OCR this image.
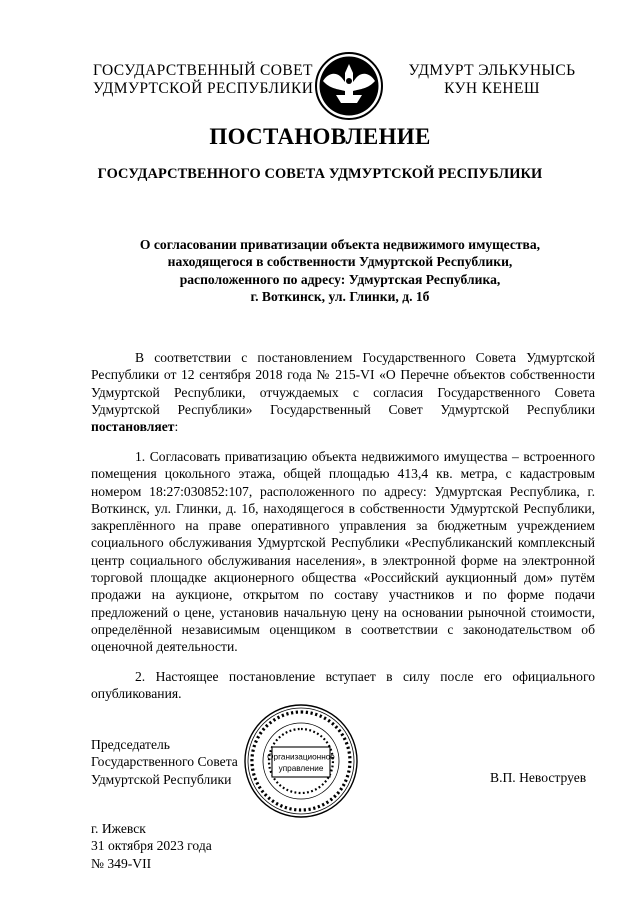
ГОСУДАРСТВЕННЫЙ СОВЕТ
УДМУРТСКОЙ РЕСПУБЛИКИ
УДМУРТ ЭЛЬКУНЫСЬ
КУН КЕНЕШ
ПОСТАНОВЛЕНИЕ
ГОСУДАРСТВЕННОГО СОВЕТА УДМУРТСКОЙ РЕСПУБЛИКИ
О согласовании приватизации объекта недвижимого имущества,
находящегося в собственности Удмуртской Республики,
расположенного по адресу: Удмуртская Республика,
г. Воткинск, ул. Глинки, д. 1б
В соответствии с постановлением Государственного Совета Удмуртской Республики от 12 сентября 2018 года № 215-VI «О Перечне объектов собственности Удмуртской Республики, отчуждаемых с согласия Государственного Совета Удмуртской Республики» Государственный Совет Удмуртской Республики постановляет:
1. Согласовать приватизацию объекта недвижимого имущества – встроенного помещения цокольного этажа, общей площадью 413,4 кв. метра, с кадастровым номером 18:27:030852:107, расположенного по адресу: Удмуртская Республика, г. Воткинск, ул. Глинки, д. 1б, находящегося в собственности Удмуртской Республики, закреплённого на праве оперативного управления за бюджетным учреждением социального обслуживания Удмуртской Республики «Республиканский комплексный центр социального обслуживания населения», в электронной форме на электронной торговой площадке акционерного общества «Российский аукционный дом» путём продажи на аукционе, открытом по составу участников и по форме подачи предложений о цене, установив начальную цену на основании рыночной стоимости, определённой независимым оценщиком в соответствии с законодательством об оценочной деятельности.
2. Настоящее постановление вступает в силу после его официального опубликования.
Председатель
Государственного Совета
Удмуртской Республики
Организационное
управление
В.П. Невоструев
г. Ижевск
31 октября 2023 года
№ 349-VII
